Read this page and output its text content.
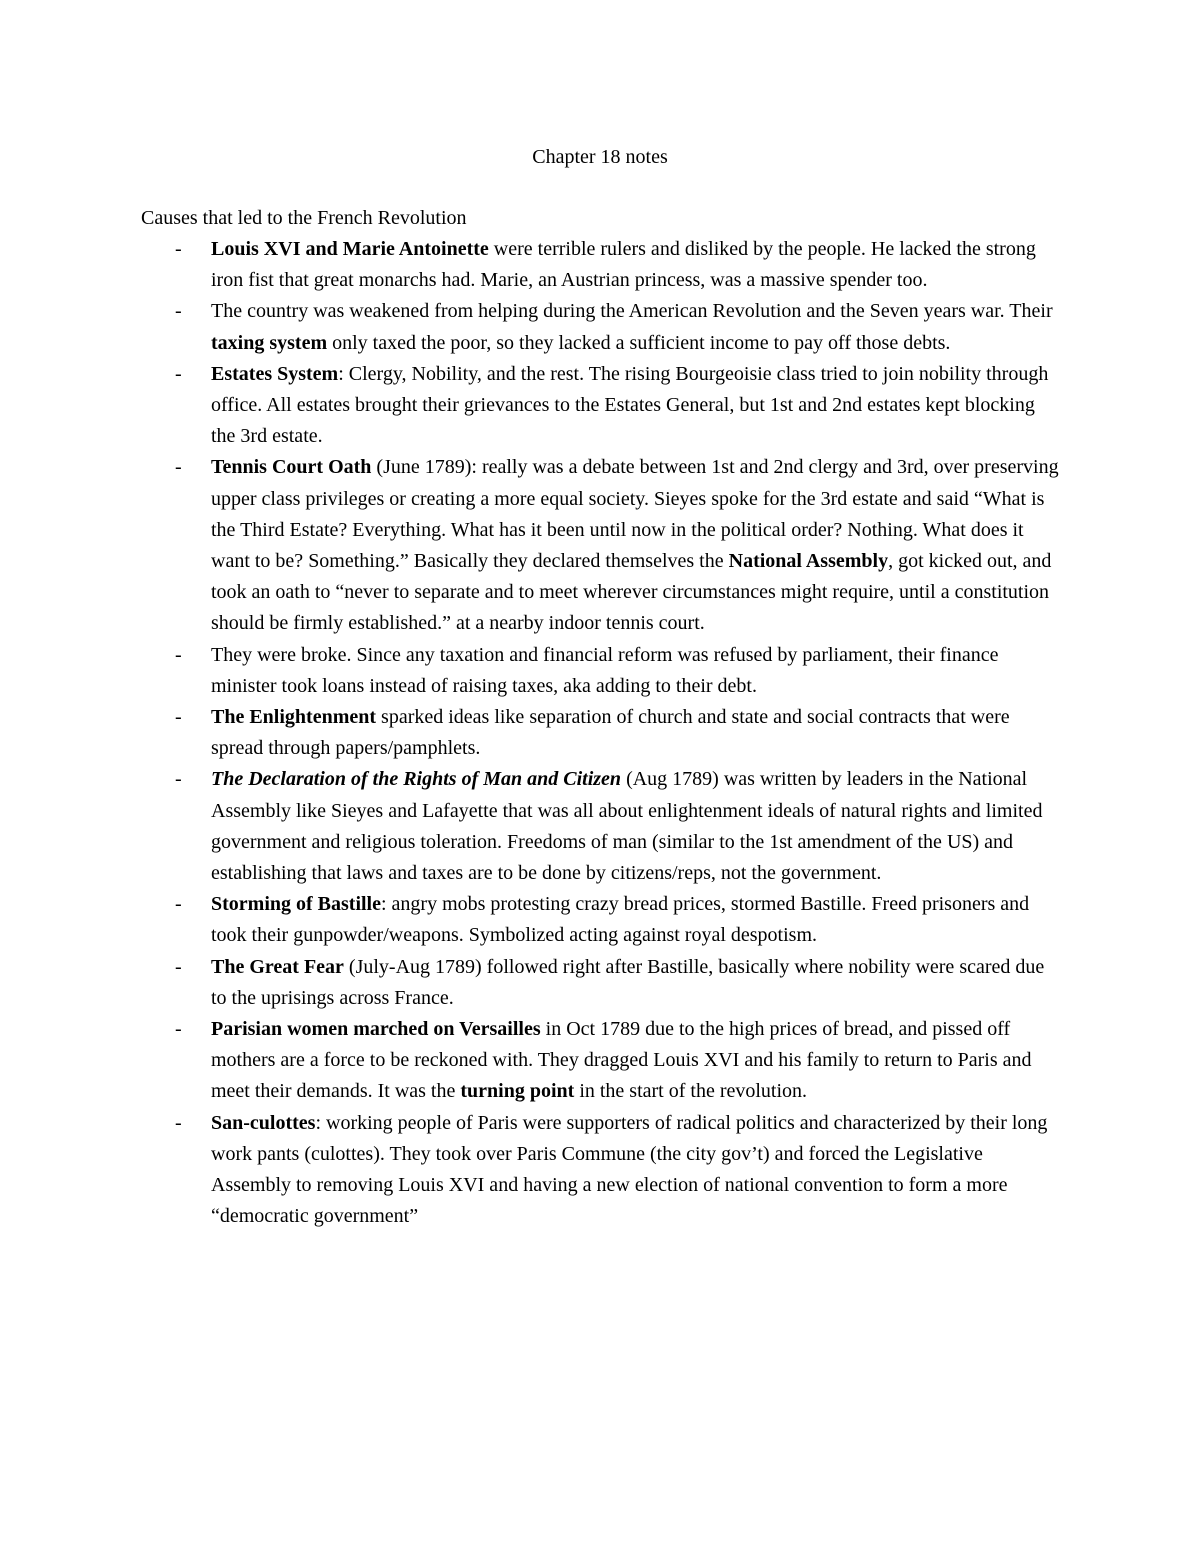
Chapter 18 notes
Causes that led to the French Revolution
- Louis XVI and Marie Antoinette were terrible rulers and disliked by the people. He lacked the strong iron fist that great monarchs had. Marie, an Austrian princess, was a massive spender too.
- The country was weakened from helping during the American Revolution and the Seven years war. Their taxing system only taxed the poor, so they lacked a sufficient income to pay off those debts.
- Estates System: Clergy, Nobility, and the rest. The rising Bourgeoisie class tried to join nobility through office. All estates brought their grievances to the Estates General, but 1st and 2nd estates kept blocking the 3rd estate.
- Tennis Court Oath (June 1789): really was a debate between 1st and 2nd clergy and 3rd, over preserving upper class privileges or creating a more equal society. Sieyes spoke for the 3rd estate and said “What is the Third Estate? Everything. What has it been until now in the political order? Nothing. What does it want to be? Something.” Basically they declared themselves the National Assembly, got kicked out, and took an oath to “never to separate and to meet wherever circumstances might require, until a constitution should be firmly established.” at a nearby indoor tennis court.
- They were broke. Since any taxation and financial reform was refused by parliament, their finance minister took loans instead of raising taxes, aka adding to their debt.
- The Enlightenment sparked ideas like separation of church and state and social contracts that were spread through papers/pamphlets.
- The Declaration of the Rights of Man and Citizen (Aug 1789) was written by leaders in the National Assembly like Sieyes and Lafayette that was all about enlightenment ideals of natural rights and limited government and religious toleration. Freedoms of man (similar to the 1st amendment of the US) and establishing that laws and taxes are to be done by citizens/reps, not the government.
- Storming of Bastille: angry mobs protesting crazy bread prices, stormed Bastille. Freed prisoners and took their gunpowder/weapons. Symbolized acting against royal despotism.
- The Great Fear (July-Aug 1789) followed right after Bastille, basically where nobility were scared due to the uprisings across France.
- Parisian women marched on Versailles in Oct 1789 due to the high prices of bread, and pissed off mothers are a force to be reckoned with. They dragged Louis XVI and his family to return to Paris and meet their demands. It was the turning point in the start of the revolution.
- San-culottes: working people of Paris were supporters of radical politics and characterized by their long work pants (culottes). They took over Paris Commune (the city gov’t) and forced the Legislative Assembly to removing Louis XVI and having a new election of national convention to form a more “democratic government”
